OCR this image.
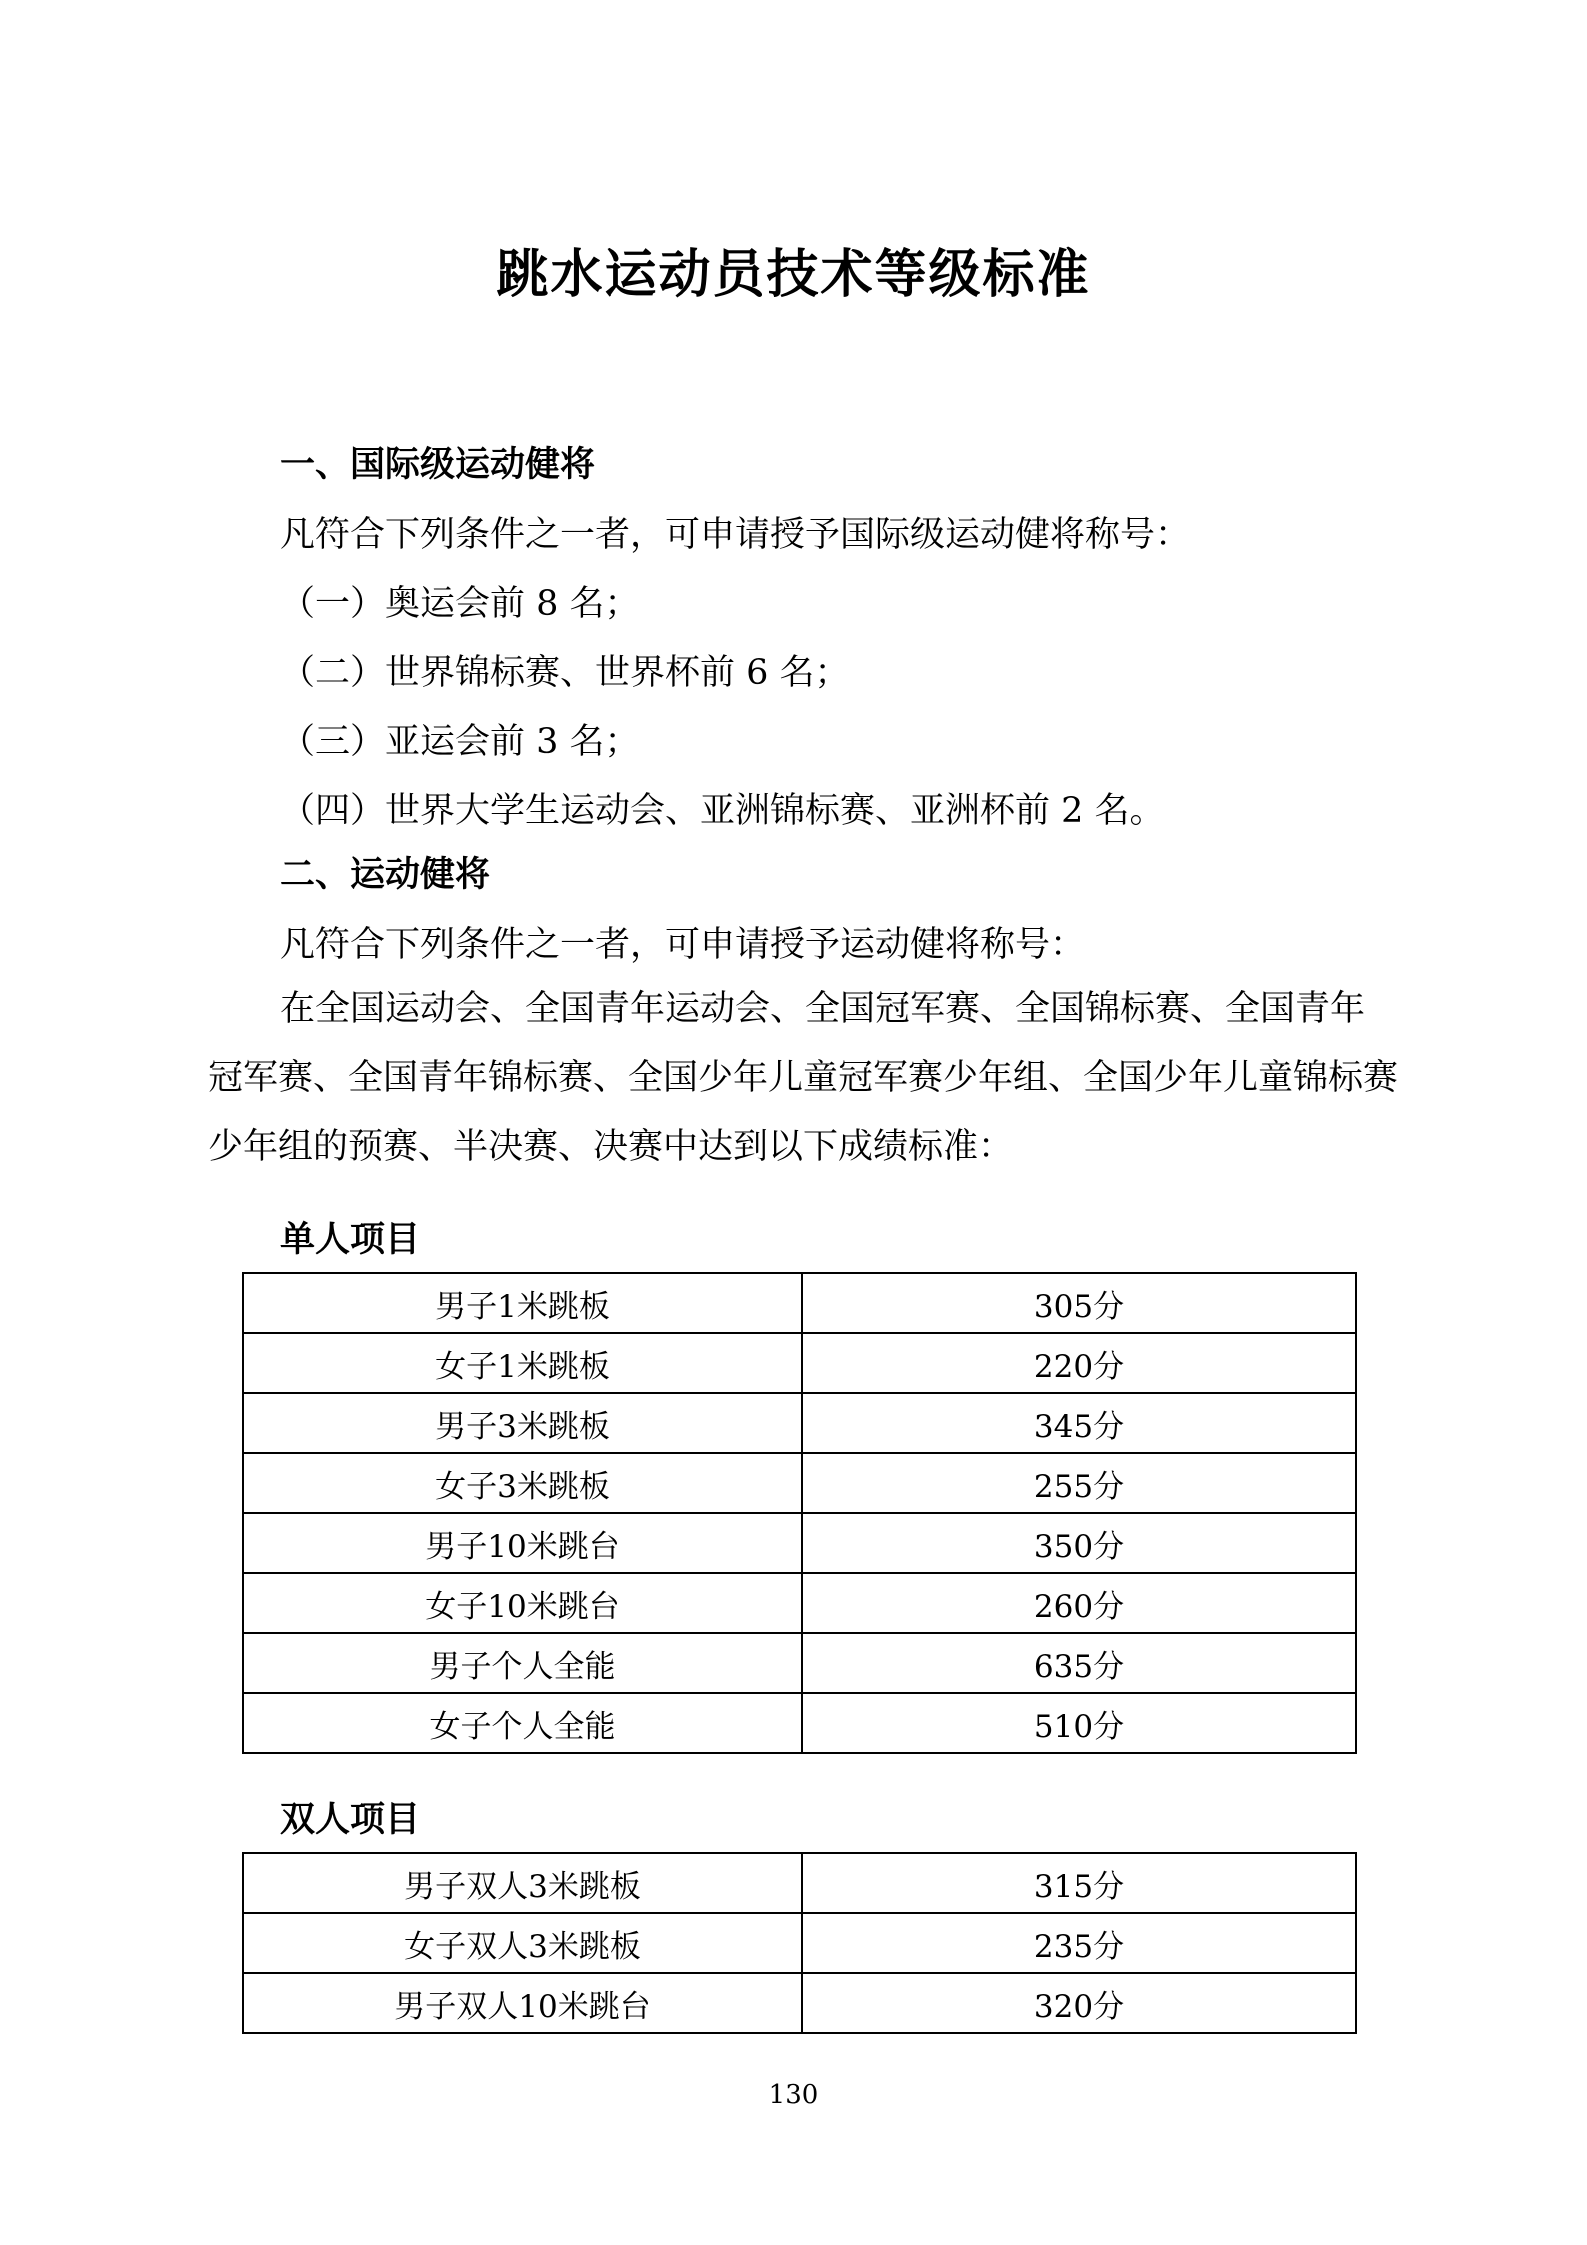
跳水运动员技术等级标准
一、国际级运动健将
凡符合下列条件之一者，可申请授予国际级运动健将称号：
（一）奥运会前 8 名；
（二）世界锦标赛、世界杯前 6 名；
（三）亚运会前 3 名；
（四）世界大学生运动会、亚洲锦标赛、亚洲杯前 2 名。
二、运动健将
凡符合下列条件之一者，可申请授予运动健将称号：
在全国运动会、全国青年运动会、全国冠军赛、全国锦标赛、全国青年冠军赛、全国青年锦标赛、全国少年儿童冠军赛少年组、全国少年儿童锦标赛少年组的预赛、半决赛、决赛中达到以下成绩标准：
单人项目
男子1米跳板	305分
女子1米跳板	220分
男子3米跳板	345分
女子3米跳板	255分
男子10米跳台	350分
女子10米跳台	260分
男子个人全能	635分
女子个人全能	510分
双人项目
男子双人3米跳板	315分
女子双人3米跳板	235分
男子双人10米跳台	320分
130
